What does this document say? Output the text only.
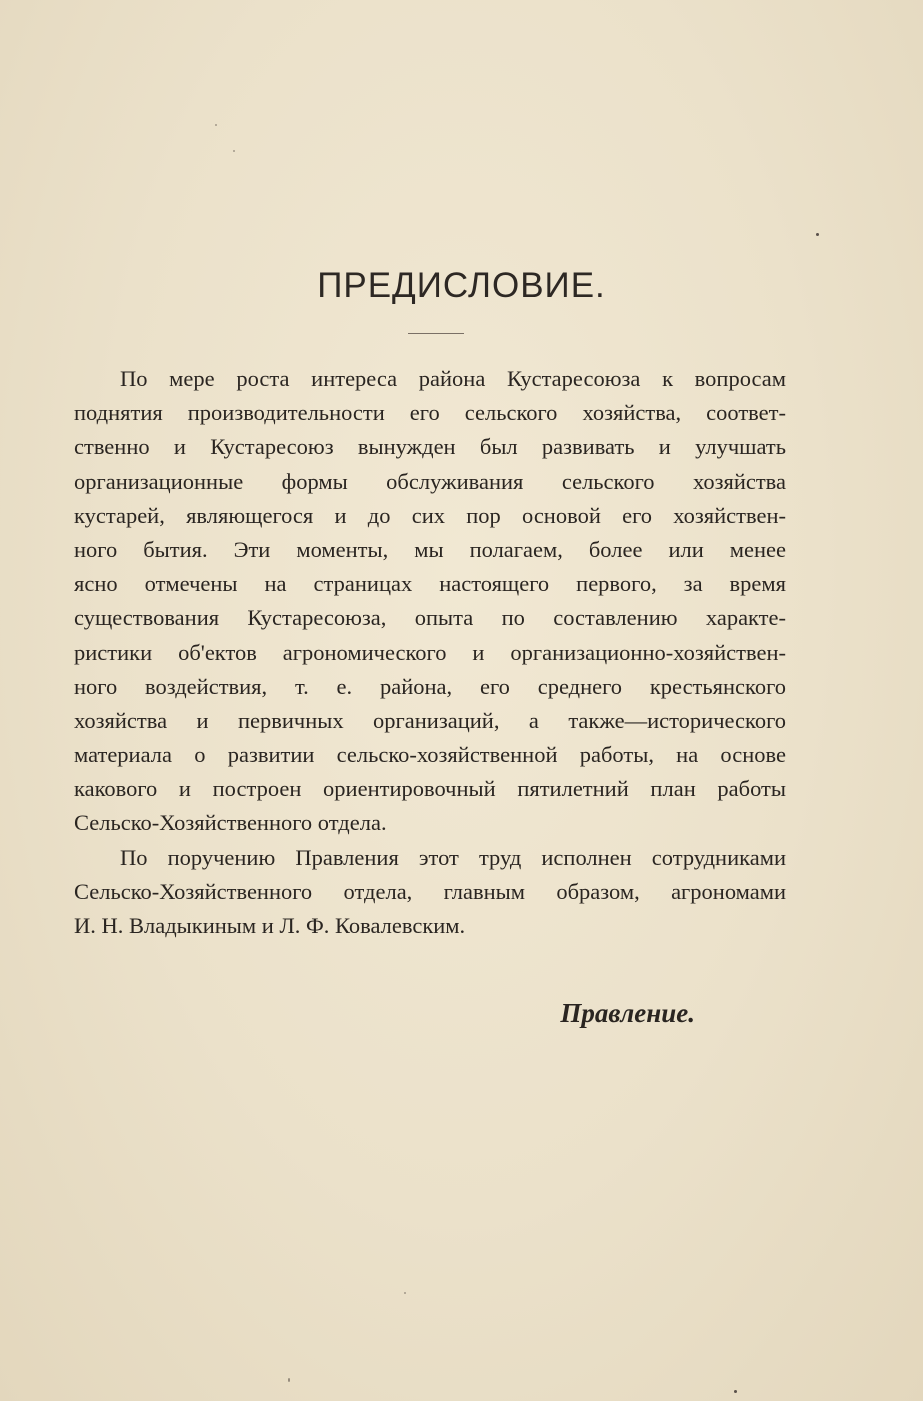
ПРЕДИСЛОВИЕ.
По мере роста интереса района Кустаресоюза к вопросам
поднятия производительности его сельского хозяйства, соответ-
ственно и Кустаресоюз вынужден был развивать и улучшать
организационные формы обслуживания сельского хозяйства
кустарей, являющегося и до сих пор основой его хозяйствен-
ного бытия. Эти моменты, мы полагаем, более или менее
ясно отмечены на страницах настоящего первого, за время
существования Кустаресоюза, опыта по составлению характе-
ристики об'ектов агрономического и организационно-хозяйствен-
ного воздействия, т. е. района, его среднего крестьянского
хозяйства и первичных организаций, а также—исторического
материала о развитии сельско-хозяйственной работы, на основе
какового и построен ориентировочный пятилетний план работы
Сельско-Хозяйственного отдела.
По поручению Правления этот труд исполнен сотрудниками
Сельско-Хозяйственного отдела, главным образом, агрономами
И. Н. Владыкиным и Л. Ф. Ковалевским.

Правление.
